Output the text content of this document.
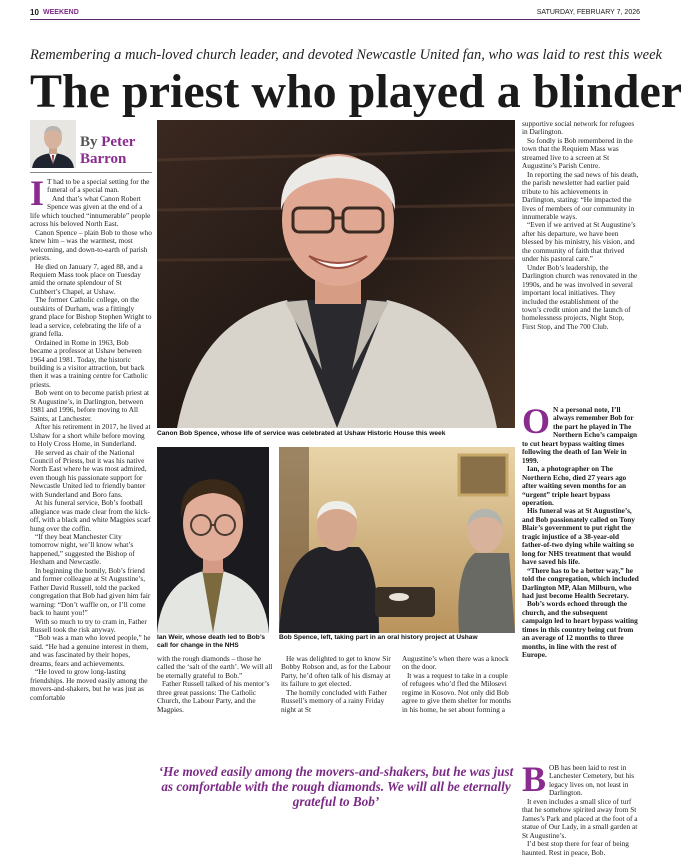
10 WEEKEND	SATURDAY, FEBRUARY 7, 2026
Remembering a much-loved church leader, and devoted Newcastle United fan, who was laid to rest this week
The priest who played a blinder
By Peter
Barron

I T had to be a special setting for the funeral of a special man.

And that’s what Canon Robert Spence was given at the end of a life which touched “innumerable” people across his beloved North East.

Canon Spence – plain Bob to those who knew him – was the warmest, most welcoming, and down-to-earth of parish priests.

He died on January 7, aged 88, and a Requiem Mass took place on Tuesday amid the ornate splendour of St Cuthbert’s Chapel, at Ushaw.

The former Catholic college, on the outskirts of Durham, was a fittingly grand place for Bishop Stephen Wright to lead a service, celebrating the life of a grand fella.

Ordained in Rome in 1963, Bob became a professor at Ushaw between 1964 and 1981. Today, the historic building is a visitor attraction, but back then it was a training centre for Catholic priests.

Bob went on to become parish priest at St Augustine’s, in Darlington, between 1981 and 1996, before moving to All Saints, at Lanchester.

After his retirement in 2017, he lived at Ushaw for a short while before moving to Holy Cross Home, in Sunderland.

He served as chair of the National Council of Priests, but it was his native North East where he was most admired, even though his passionate support for Newcastle United led to friendly banter with Sunderland and Boro fans.

At his funeral service, Bob’s football allegiance was made clear from the kick-off, with a black and white Magpies scarf hung over the coffin.

“If they beat Manchester City tomorrow night, we’ll know what’s happened,” suggested the Bishop of Hexham and Newcastle.

In beginning the homily, Bob’s friend and former colleague at St Augustine’s, Father David Russell, told the packed congregation that Bob had given him fair warning: “Don’t waffle on, or I’ll come back to haunt you!”

With so much to try to cram in, Father Russell took the risk anyway.

“Bob was a man who loved people,” he said. “He had a genuine interest in them, and was fascinated by their hopes, dreams, fears and achievements.

“He loved to grow long-lasting friendships. He moved easily among the movers-and-shakers, but he was just as comfortable

with the rough diamonds – those he called the ‘salt of the earth’. We will all be eternally grateful to Bob.”

Father Russell talked of his mentor’s three great passions: The Catholic Church, the Labour Party, and the Magpies.

He was delighted to get to know Sir Bobby Robson and, as for the Labour Party, he’d often talk of his dismay at its failure to get elected.

The homily concluded with Father Russell’s memory of a rainy Friday night at St

Augustine’s when there was a knock on the door.

It was a request to take in a couple of refugees who’d fled the Milosevi regime in Kosovo. Not only did Bob agree to give them shelter for months in his home, he set about forming a

supportive social network for refugees in Darlington.

So fondly is Bob remembered in the town that the Requiem Mass was streamed live to a screen at St Augustine’s Parish Centre.

In reporting the sad news of his death, the parish newsletter had earlier paid tribute to his achievements in Darlington, stating: “He impacted the lives of members of our community in innumerable ways.

“Even if we arrived at St Augustine’s after his departure, we have been blessed by his ministry, his vision, and the community of faith that thrived under his pastoral care.”

Under Bob’s leadership, the Darlington church was renovated in the 1990s, and he was involved in several important local initiatives. They included the establishment of the town’s credit union and the launch of homelessness projects, Night Stop, First Stop, and The 700 Club.

O N a personal note, I’ll always remember Bob for the part he played in The Northern Echo’s campaign to cut heart bypass waiting times following the death of Ian Weir in 1999.

Ian, a photographer on The Northern Echo, died 27 years ago after waiting seven months for an “urgent” triple heart bypass operation.

His funeral was at St Augustine’s, and Bob passionately called on Tony Blair’s government to put right the tragic injustice of a 38-year-old father-of-two dying while waiting so long for NHS treatment that would have saved his life.

“There has to be a better way,” he told the congregation, which included Darlington MP, Alan Milburn, who had just become Health Secretary.

Bob’s words echoed through the church, and the subsequent campaign led to heart bypass waiting times in this country being cut from an average of 12 months to three months, in line with the rest of Europe.

BOB has been laid to rest in Lanchester Cemetery, but his legacy lives on, not least in Darlington.

It even includes a small slice of turf that he somehow spirited away from St James’s Park and placed at the foot of a statue of Our Lady, in a small garden at St Augustine’s.

I’d best stop there for fear of being haunted. Rest in peace, Bob.

Canon Bob Spence, whose life of service was celebrated at Ushaw Historic House this week
Ian Weir, whose death led to Bob’s call for change in the NHS
Bob Spence, left, taking part in an oral history project at Ushaw
‘He moved easily among the movers-and-shakers, but he was just as comfortable with the rough diamonds. We will all be eternally grateful to Bob’
